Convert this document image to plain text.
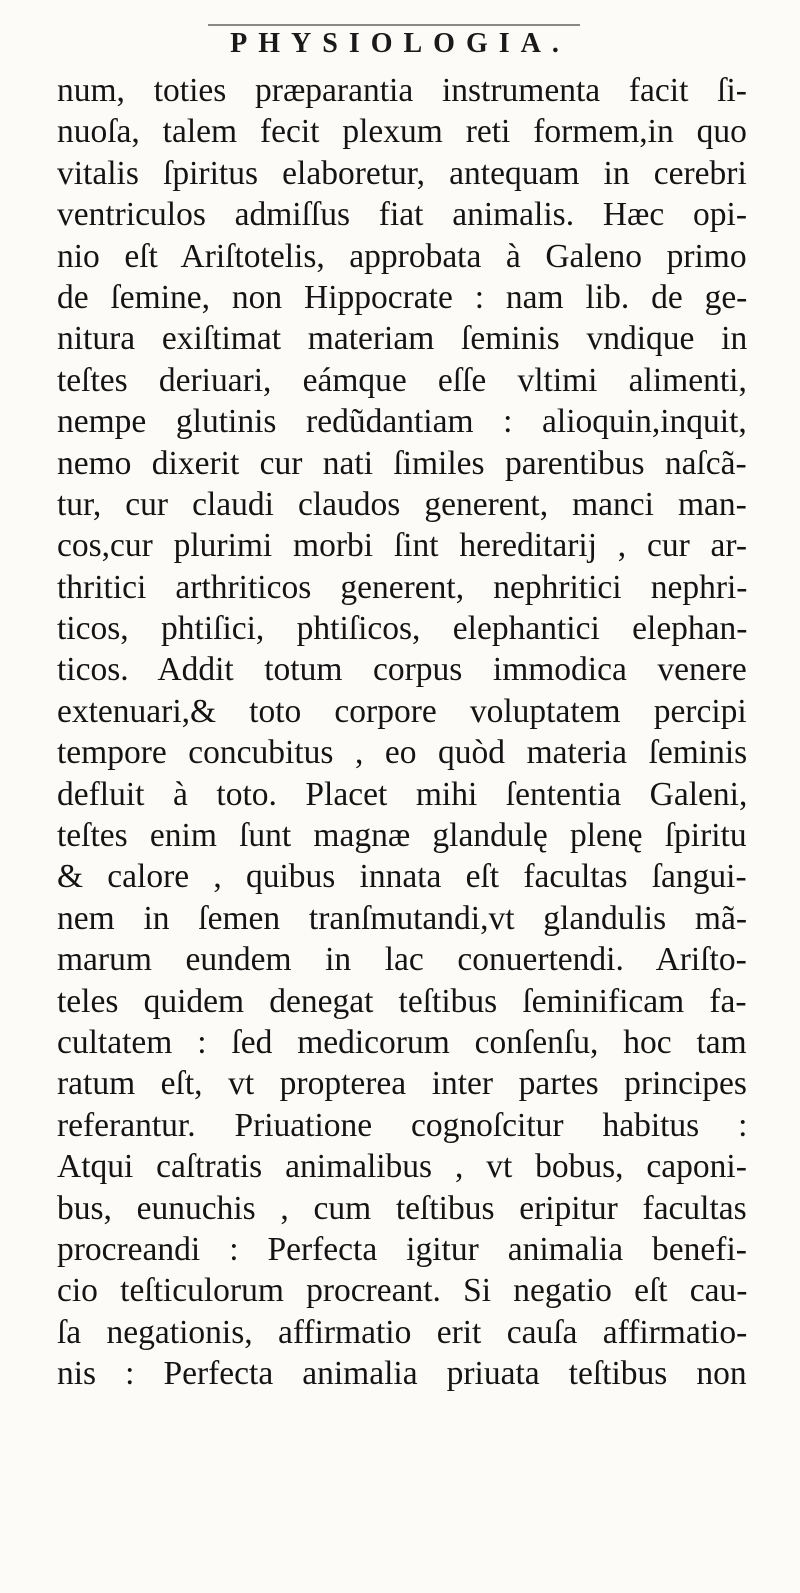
PHYSIOLOGIA.
num, toties præparantia instrumenta facit ſi-
nuoſa, talem fecit plexum reti formem,in quo
vitalis ſpiritus elaboretur, antequam in cerebri
ventriculos admiſſus fiat animalis. Hæc opi-
nio eſt Ariſtotelis, approbata à Galeno primo
de ſemine, non Hippocrate : nam lib. de ge-
nitura exiſtimat materiam ſeminis vndique in
teſtes deriuari, eámque eſſe vltimi alimenti,
nempe glutinis redũdantiam : alioquin,inquit,
nemo dixerit cur nati ſimiles parentibus naſcã-
tur, cur claudi claudos generent, manci man-
cos,cur plurimi morbi ſint hereditarij , cur ar-
thritici arthriticos generent, nephritici nephri-
ticos, phtiſici, phtiſicos, elephantici elephan-
ticos. Addit totum corpus immodica venere
extenuari,& toto corpore voluptatem percipi
tempore concubitus , eo quòd materia ſeminis
defluit à toto. Placet mihi ſententia Galeni,
teſtes enim ſunt magnæ glandulę plenę ſpiritu
& calore , quibus innata eſt facultas ſangui-
nem in ſemen tranſmutandi,vt glandulis mã-
marum eundem in lac conuertendi. Ariſto-
teles quidem denegat teſtibus ſeminificam fa-
cultatem : ſed medicorum conſenſu, hoc tam
ratum eſt, vt propterea inter partes principes
referantur. Priuatione cognoſcitur habitus :
Atqui caſtratis animalibus , vt bobus, caponi-
bus, eunuchis , cum teſtibus eripitur facultas
procreandi : Perfecta igitur animalia benefi-
cio teſticulorum procreant. Si negatio eſt cau-
ſa negationis, affirmatio erit cauſa affirmatio-
nis : Perfecta animalia priuata teſtibus non
